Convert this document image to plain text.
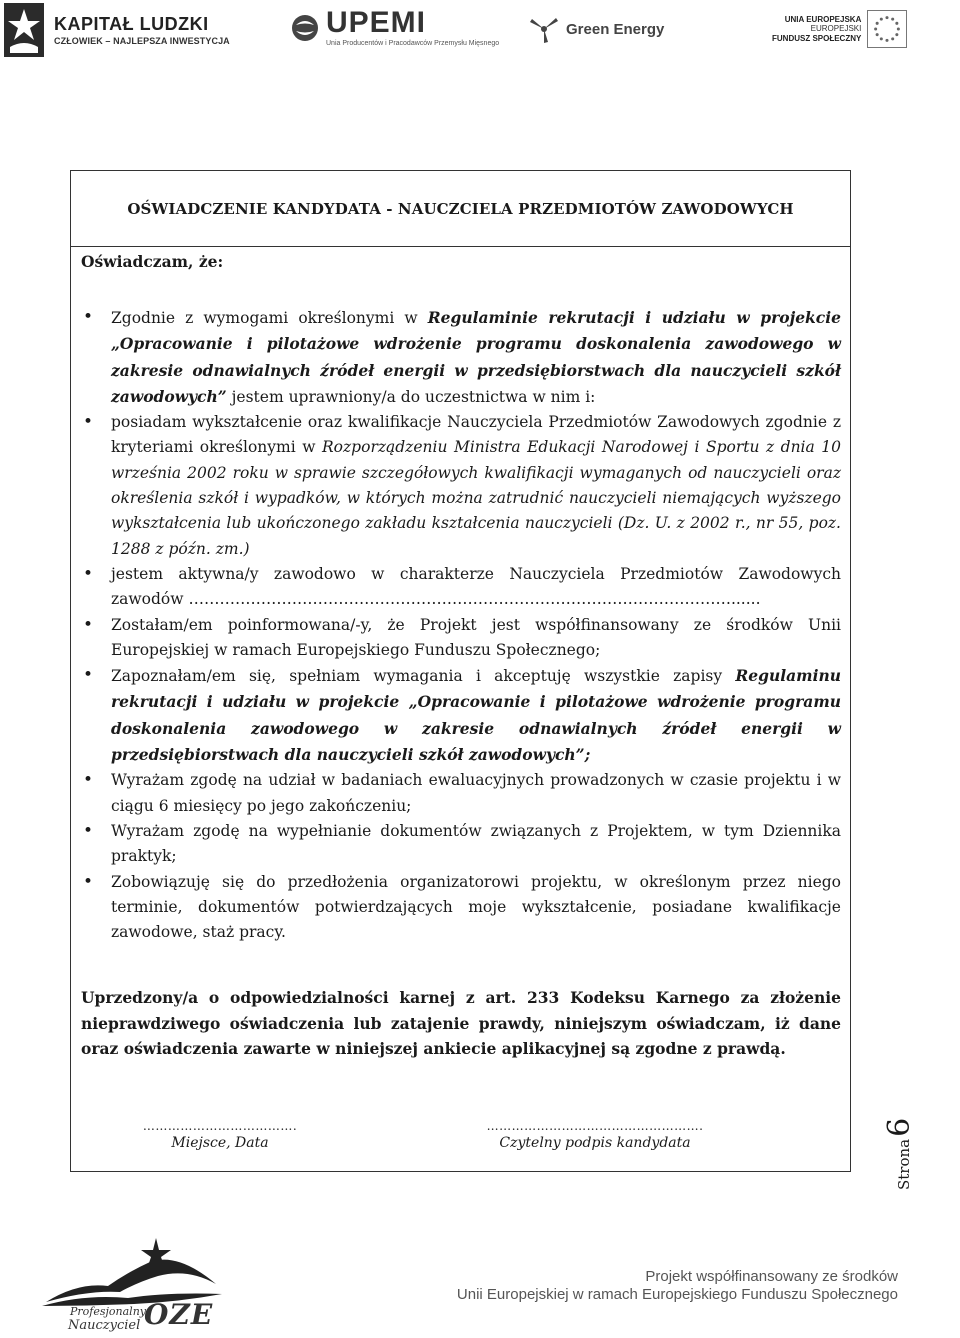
KAPITAŁ LUDZKI
CZŁOWIEK – NAJLEPSZA INWESTYCJA
UPEMI
Unia Producentów i Pracodawców Przemysłu Mięsnego
Green Energy
UNIA EUROPEJSKA
EUROPEJSKI
FUNDUSZ SPOŁECZNY
OŚWIADCZENIE KANDYDATA - NAUCZCIELA PRZEDMIOTÓW ZAWODOWYCH
Oświadczam, że:
• Zgodnie z wymogami określonymi w Regulaminie rekrutacji i udziału w projekcie „Opracowanie i pilotażowe wdrożenie programu doskonalenia zawodowego w zakresie odnawialnych źródeł energii w przedsiębiorstwach dla nauczycieli szkół zawodowych” jestem uprawniony/a do uczestnictwa w nim i:
• posiadam wykształcenie oraz kwalifikacje Nauczyciela Przedmiotów Zawodowych zgodnie z kryteriami określonymi w Rozporządzeniu Ministra Edukacji Narodowej i Sportu z dnia 10 września 2002 roku w sprawie szczegółowych kwalifikacji wymaganych od nauczycieli oraz określenia szkół i wypadków, w których można zatrudnić nauczycieli niemających wyższego wykształcenia lub ukończonego zakładu kształcenia nauczycieli (Dz. U. z 2002 r., nr 55, poz. 1288 z późn. zm.)
• jestem aktywna/y zawodowo w charakterze Nauczyciela Przedmiotów Zawodowych zawodów ……………………………………………………………………………………………......
• Zostałam/em poinformowana/-y, że Projekt jest współfinansowany ze środków Unii Europejskiej w ramach Europejskiego Funduszu Społecznego;
• Zapoznałam/em się, spełniam wymagania i akceptuję wszystkie zapisy Regulaminu rekrutacji i udziału w projekcie „Opracowanie i pilotażowe wdrożenie programu doskonalenia zawodowego w zakresie odnawialnych źródeł energii w przedsiębiorstwach dla nauczycieli szkół zawodowych”;
• Wyrażam zgodę na udział w badaniach ewaluacyjnych prowadzonych w czasie projektu i w ciągu 6 miesięcy po jego zakończeniu;
• Wyrażam zgodę na wypełnianie dokumentów związanych z Projektem, w tym Dziennika praktyk;
• Zobowiązuję się do przedłożenia organizatorowi projektu, w określonym przez niego terminie, dokumentów potwierdzających moje wykształcenie, posiadane kwalifikacje zawodowe, staż pracy.
Uprzedzony/a o odpowiedzialności karnej z art. 233 Kodeksu Karnego za złożenie nieprawdziwego oświadczenia lub zatajenie prawdy, niniejszym oświadczam, iż dane oraz oświadczenia zawarte w niniejszej ankiecie aplikacyjnej są zgodne z prawdą.
……………………………….
Miejsce, Data
…………………………………………….
Czytelny podpis kandydata	Strona
6
Profesjonalny
Nauczyciel OZE
Projekt współfinansowany ze środków
Unii Europejskiej w ramach Europejskiego Funduszu Społecznego
